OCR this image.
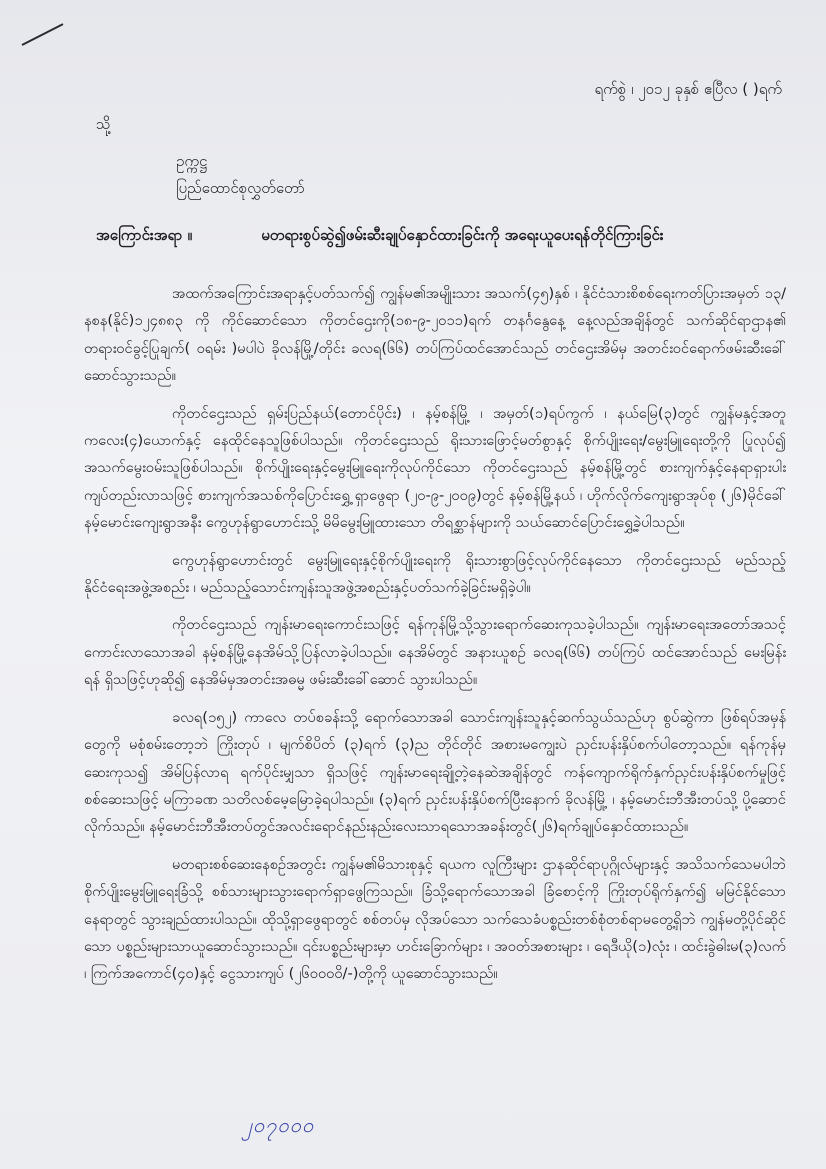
ရက်စွဲ ၊ ၂၀၁၂ ခုနှစ် ဧပြီလ ( )ရက်
သို့
ဥက္ကဋ္ဌ
ပြည်ထောင်စုလွှတ်တော်
အကြောင်းအရာ ။	မတရားစွပ်ဆွဲ၍ဖမ်းဆီးချုပ်နှောင်ထားခြင်းကို အရေးယူပေးရန်တိုင်ကြားခြင်း

အထက်အကြောင်းအရာနှင့်ပတ်သက်၍ ကျွန်မ၏အမျိုးသား အသက်(၄၅)နှစ် ၊ နိုင်ငံသားစိစစ်ရေးကတ်ပြားအမှတ် ၁၃/နစန(နိုင်)၁၂၄၈၈၃ ကို ကိုင်ဆောင်သော ကိုတင်ဌေးကို(၁၈-၉-၂၀၁၁)ရက် တနင်္ဂနွေနေ့ နေ့လည်အချိန်တွင် သက်ဆိုင်ရာဌာန၏ တရားဝင်ခွင့်ပြုချက်( ဝရမ်း )မပါပဲ ခိုလန်မြို့/တိုင်း ခလရ(၆၆) တပ်ကြပ်ထင်အောင်သည် တင်ဌေးအိမ်မှ အတင်းဝင်ရောက်ဖမ်းဆီးခေါ်ဆောင်သွားသည်။

ကိုတင်ဌေးသည် ရှမ်းပြည်နယ်(တောင်ပိုင်း) ၊ နမ့်စန်မြို့ ၊ အမှတ်(၁)ရပ်ကွက် ၊ နယ်မြေ(၃)တွင် ကျွန်မနှင့်အတူ ကလေး(၄)ယောက်နှင့် နေထိုင်နေသူဖြစ်ပါသည်။ ကိုတင်ဌေးသည် ရိုးသားဖြောင့်မတ်စွာနှင့် စိုက်ပျိုးရေး/မွေးမြူရေးတို့ကို ပြုလုပ်၍ အသက်မွေးဝမ်းသူဖြစ်ပါသည်။ စိုက်ပျိုးရေးနှင့်မွေးမြူရေးကိုလုပ်ကိုင်သော ကိုတင်ဌေးသည် နမ့်စန်မြို့တွင် စားကျက်နှင့်နေရာရှားပါးကျပ်တည်းလာသဖြင့် စားကျက်အသစ်ကိုပြောင်းရွှေ့ ရှာဖွေရာ (၂၀-၉-၂၀၀၉)တွင် နမ့်စန်မြို့နယ် ၊ ဟိုက်လိုက်ကျေးရွာအုပ်စု (၂၆)မိုင်ခေါ် နမ့်မောင်းကျေးရွာအနီး ကွေဟုန်ရွာဟောင်းသို့ မိမိမွေးမြူထားသော တိရစ္ဆာန်များကို သယ်ဆောင်ပြောင်းရွှေ့ခဲ့ပါသည်။

ကွေဟုန်ရွာဟောင်းတွင် မွေးမြူရေးနှင့်စိုက်ပျိုးရေးကို ရိုးသားစွာဖြင့်လုပ်ကိုင်နေသော ကိုတင်ဌေးသည် မည်သည့်နိုင်ငံရေးအဖွဲ့အစည်း ၊ မည်သည့်သောင်းကျန်းသူအဖွဲ့အစည်းနှင့်ပတ်သက်ခဲ့ခြင်းမရှိခဲ့ပါ။

ကိုတင်ဌေးသည် ကျန်းမာရေးကောင်းသဖြင့် ရန်ကုန်မြို့သို့သွားရောက်ဆေးကုသခဲ့ပါသည်။ ကျန်းမာရေးအတော်အသင့်ကောင်းလာသောအခါ နမ့်စန်မြို့နေအိမ်သို့ပြန်လာခဲ့ပါသည်။ နေအိမ်တွင် အနားယူစဉ် ခလရ(၆၆) တပ်ကြပ် ထင်အောင်သည် မေးမြန်းရန် ရှိသဖြင့်ဟုဆို၍ နေအိမ်မှအတင်းအဓမ္မ ဖမ်းဆီးခေါ်ဆောင် သွားပါသည်။

ခလရ(၁၅၂) ကာလေ တပ်စခန်းသို့ ရောက်သောအခါ သောင်းကျန်းသူနှင့်ဆက်သွယ်သည်ဟု စွပ်ဆွဲကာ ဖြစ်ရပ်အမှန်တွေကို မစုံစမ်းတော့ဘဲ ကြိုးတုပ် ၊ မျက်စိပိတ် (၃)ရက် (၃)ည တိုင်တိုင် အစားမကျွေးပဲ ညှင်းပန်းနှိပ်စက်ပါတော့သည်။ ရန်ကုန်မှ ဆေးကုသ၍ အိမ်ပြန်လာရ ရက်ပိုင်းမျှသာ ရှိသဖြင့် ကျန်းမာရေးချို့တဲ့နေဆဲအချိန်တွင် ကန်ကျောက်ရိုက်နှက်ညှင်းပန်းနှိပ်စက်မှုဖြင့် စစ်ဆေးသဖြင့် မကြာခဏ သတိလစ်မေ့မြောခဲ့ရပါသည်။ (၃)ရက် ညှင်းပန်းနှိပ်စက်ပြီးနောက် ခိုလန်မြို့ ၊ နမ့်မောင်းဘီအီးတပ်သို့ ပို့ဆောင်လိုက်သည်။ နမ့်မောင်းဘီအီးတပ်တွင်အလင်းရောင်နည်းနည်းလေးသာရသောအခန်းတွင်(၂၆)ရက်ချုပ်နှောင်ထားသည်။

မတရားစစ်ဆေးနေစဉ်အတွင်း ကျွန်မ၏မိသားစုနှင့် ရယက လူကြီးများ ဌာနဆိုင်ရာပုဂ္ဂိုလ်များနှင့် အသိသက်သေမပါဘဲ စိုက်ပျိုးမွေးမြူရေးခြံသို့ စစ်သားများသွားရောက်ရှာဖွေကြသည်။ ခြံသို့ရောက်သောအခါ ခြံစောင့်ကို ကြိုးတုပ်ရိုက်နှက်၍ မမြင်နိုင်သောနေရာတွင် သွားချည်ထားပါသည်။ ထိုသို့ရှာဖွေရာတွင် စစ်တပ်မှ လိုအပ်သော သက်သေခံပစ္စည်းတစ်စုံတစ်ရာမတွေ့ရှိဘဲ ကျွန်မတို့ပိုင်ဆိုင်သော ပစ္စည်းများသာယူဆောင်သွားသည်။ ၎င်းပစ္စည်းများမှာ ဟင်းခြောက်များ ၊ အဝတ်အစားများ ၊ ရေဒီယို(၁)လုံး ၊ ထင်းခွဲဓါးမ(၃)လက် ၊ ကြက်အကောင်(၄၀)နှင့် ငွေသားကျပ် (၂၆၀၀၀ဝိ/-)တို့ကို ယူဆောင်သွားသည်။

၂၀၇၀၀၀
